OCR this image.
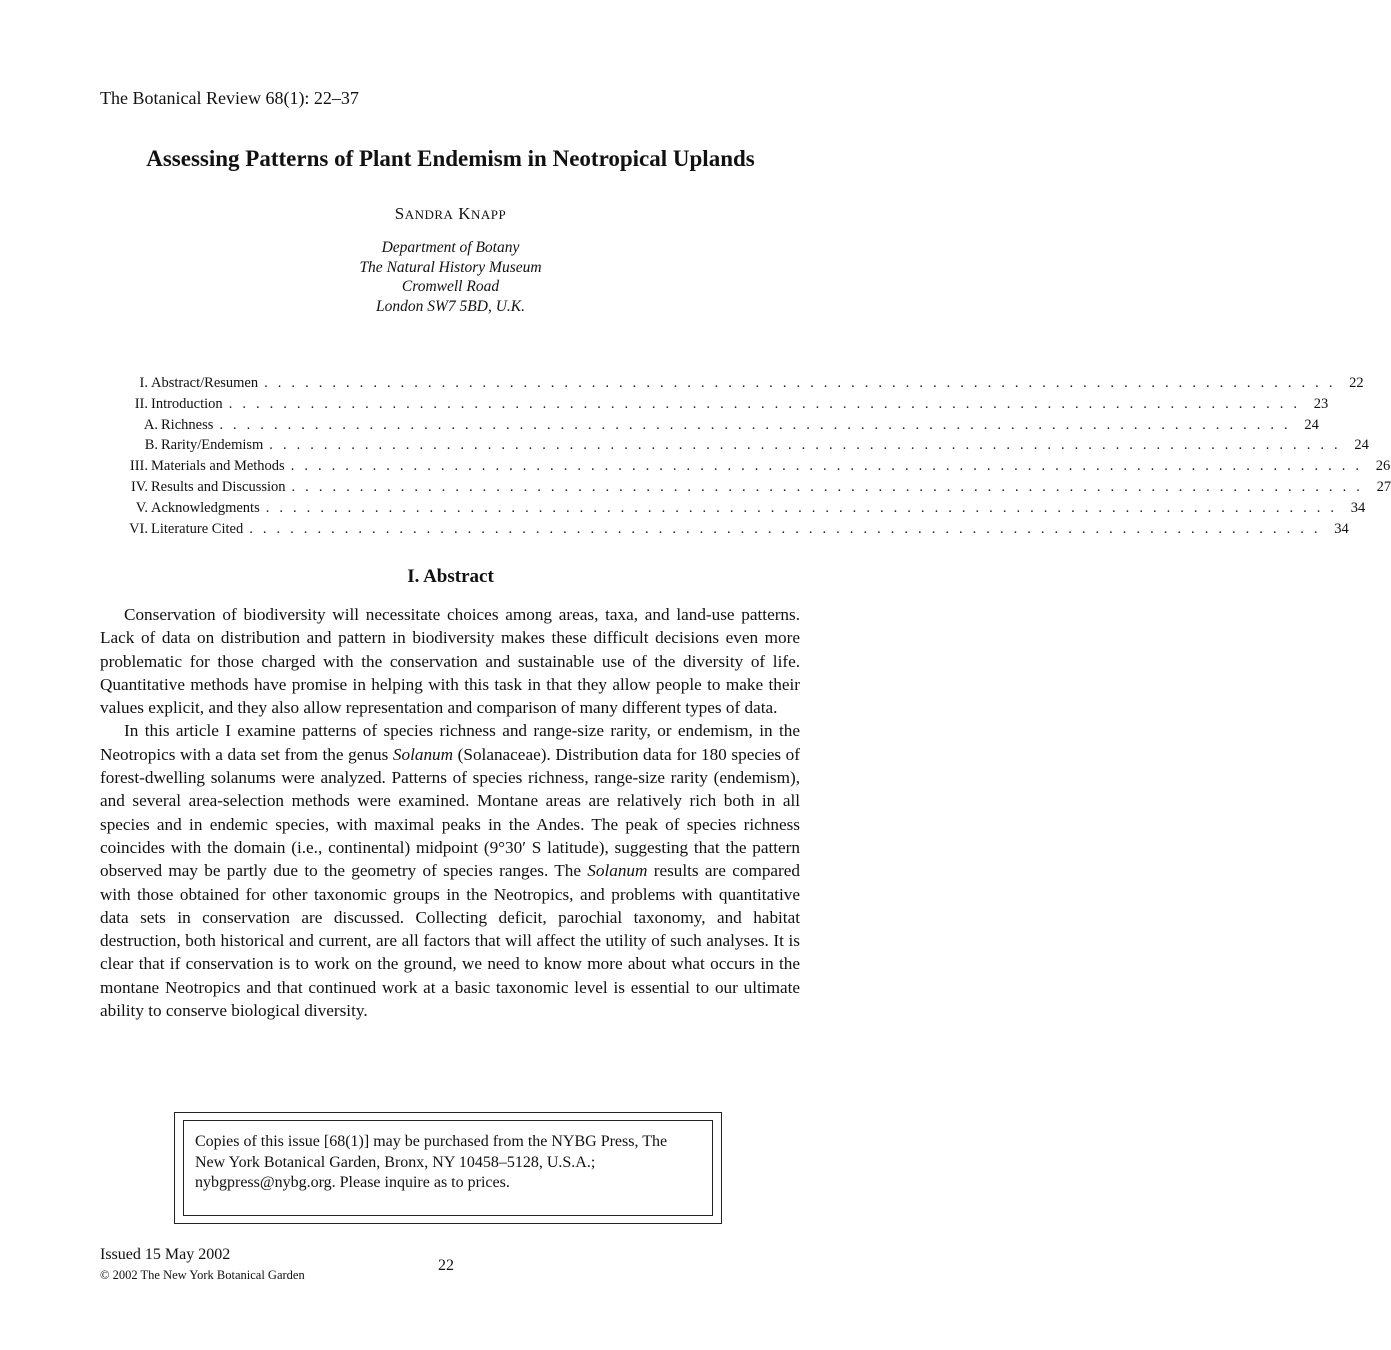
The Botanical Review 68(1): 22–37
Assessing Patterns of Plant Endemism in Neotropical Uplands
SANDRA KNAPP
Department of Botany
The Natural History Museum
Cromwell Road
London SW7 5BD, U.K.
I. Abstract/Resumen . . . . . . . . . . . . . . . . . . . . . . . . . . . . . . . . . . . . . . . . . . . . . . . . . . . . . . . . . . . . . . . . . . . . . . . . . . . . . . . 22
II. Introduction . . . . . . . . . . . . . . . . . . . . . . . . . . . . . . . . . . . . . . . . . . . . . . . . . . . . . . . . . . . . . . . . . . . . . . . . . . . . . . . 23
A. Richness . . . . . . . . . . . . . . . . . . . . . . . . . . . . . . . . . . . . . . . . . . . . . . . . . . . . . . . . . . . . . . . . . . . . . . . . . . . . . . . 24
B. Rarity/Endemism . . . . . . . . . . . . . . . . . . . . . . . . . . . . . . . . . . . . . . . . . . . . . . . . . . . . . . . . . . . . . . . . . . . . . . . . . . . . . . . 24
III. Materials and Methods . . . . . . . . . . . . . . . . . . . . . . . . . . . . . . . . . . . . . . . . . . . . . . . . . . . . . . . . . . . . . . . . . . . . . . . . . . . . . . . 26
IV. Results and Discussion . . . . . . . . . . . . . . . . . . . . . . . . . . . . . . . . . . . . . . . . . . . . . . . . . . . . . . . . . . . . . . . . . . . . . . . . . . . . . . . 27
V. Acknowledgments . . . . . . . . . . . . . . . . . . . . . . . . . . . . . . . . . . . . . . . . . . . . . . . . . . . . . . . . . . . . . . . . . . . . . . . . . . . . . . . 34
VI. Literature Cited . . . . . . . . . . . . . . . . . . . . . . . . . . . . . . . . . . . . . . . . . . . . . . . . . . . . . . . . . . . . . . . . . . . . . . . . . . . . . . . 34
I. Abstract

Conservation of biodiversity will necessitate choices among areas, taxa, and land-use patterns. Lack of data on distribution and pattern in biodiversity makes these difficult decisions even more problematic for those charged with the conservation and sustainable use of the diversity of life. Quantitative methods have promise in helping with this task in that they allow people to make their values explicit, and they also allow representation and comparison of many different types of data.

In this article I examine patterns of species richness and range-size rarity, or endemism, in the Neotropics with a data set from the genus Solanum (Solanaceae). Distribution data for 180 species of forest-dwelling solanums were analyzed. Patterns of species richness, range-size rarity (endemism), and several area-selection methods were examined. Montane areas are relatively rich both in all species and in endemic species, with maximal peaks in the Andes. The peak of species richness coincides with the domain (i.e., continental) midpoint (9°30′ S latitude), suggesting that the pattern observed may be partly due to the geometry of species ranges. The Solanum results are compared with those obtained for other taxonomic groups in the Neotropics, and problems with quantitative data sets in conservation are discussed. Collecting deficit, parochial taxonomy, and habitat destruction, both historical and current, are all factors that will affect the utility of such analyses. It is clear that if conservation is to work on the ground, we need to know more about what occurs in the montane Neotropics and that continued work at a basic taxonomic level is essential to our ultimate ability to conserve biological diversity.

Copies of this issue [68(1)] may be purchased from the NYBG Press, The New York Botanical Garden, Bronx, NY 10458–5128, U.S.A.; nybgpress@nybg.org. Please inquire as to prices.
Issued 15 May 2002
© 2002 The New York Botanical Garden
22
